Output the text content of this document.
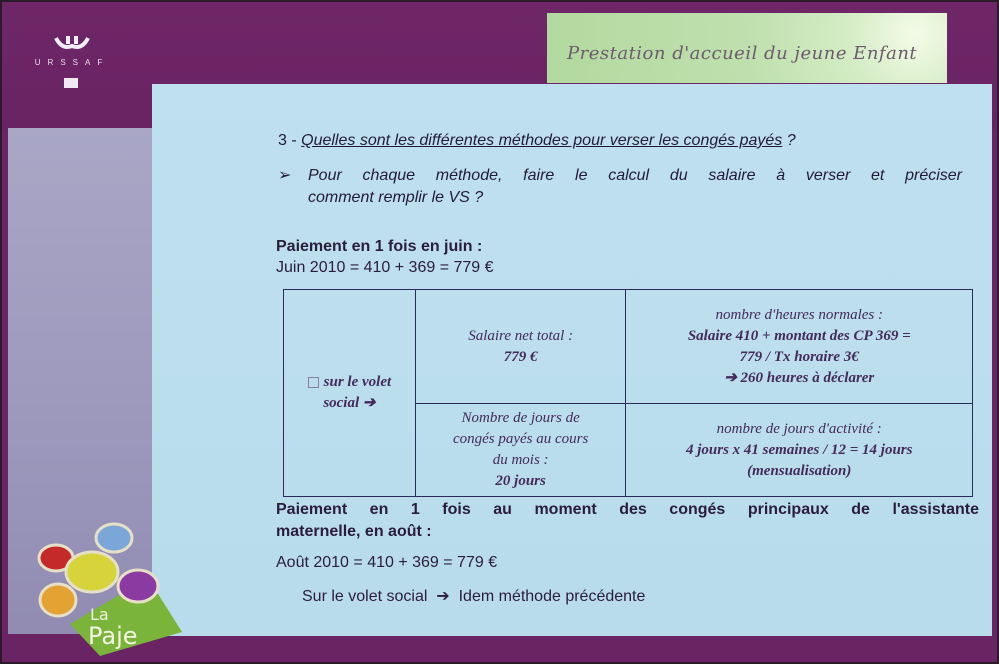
URSSAF	Prestation d'accueil du jeune Enfant
3 - Quelles sont les différentes méthodes pour verser les congés payés ?
➢	Pour chaque méthode, faire le calcul du salaire à verser et préciser
comment remplir le VS ?
Paiement en 1 fois en juin :
Juin 2010 = 410 + 369 = 779 €
sur le volet
social ➔	Salaire net total :
779 €	nombre d'heures normales :
Salaire 410 + montant des CP 369 =
779 / Tx horaire 3€
➔ 260 heures à déclarer
	Nombre de jours de
congés payés au cours
du mois :
20 jours	nombre de jours d'activité :
4 jours x 41 semaines / 12 = 14 jours
(mensualisation)
Paiement en 1 fois au moment des congés principaux de l'assistante
maternelle, en août :
Août 2010 = 410 + 369 = 779 €
Sur le volet social  ➔  Idem méthode précédente
La
Paje
